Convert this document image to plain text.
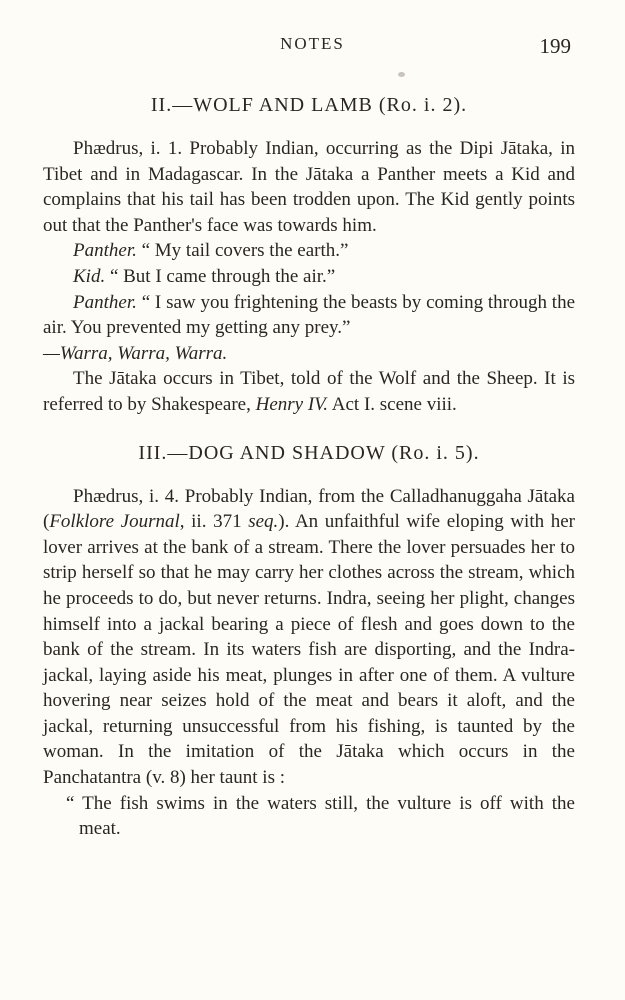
NOTES	199
II.—WOLF AND LAMB (Ro. i. 2).

Phædrus, i. 1. Probably Indian, occurring as the Dipi Jātaka, in Tibet and in Madagascar. In the Jātaka a Panther meets a Kid and complains that his tail has been trodden upon. The Kid gently points out that the Panther's face was towards him.

Panther. “ My tail covers the earth.”

Kid. “ But I came through the air.”

Panther. “ I saw you frightening the beasts by coming through the air. You prevented my getting any prey.”

—Warra, Warra, Warra.

The Jātaka occurs in Tibet, told of the Wolf and the Sheep. It is referred to by Shakespeare, Henry IV. Act I. scene viii.

III.—DOG AND SHADOW (Ro. i. 5).

Phædrus, i. 4. Probably Indian, from the Calladhanuggaha Jātaka (Folklore Journal, ii. 371 seq.). An unfaithful wife eloping with her lover arrives at the bank of a stream. There the lover persuades her to strip herself so that he may carry her clothes across the stream, which he proceeds to do, but never returns. Indra, seeing her plight, changes himself into a jackal bearing a piece of flesh and goes down to the bank of the stream. In its waters fish are disporting, and the Indra-jackal, laying aside his meat, plunges in after one of them. A vulture hovering near seizes hold of the meat and bears it aloft, and the jackal, returning unsuccessful from his fishing, is taunted by the woman. In the imitation of the Jātaka which occurs in the Panchatantra (v. 8) her taunt is :

“ The fish swims in the waters still, the vulture is off with the meat.
